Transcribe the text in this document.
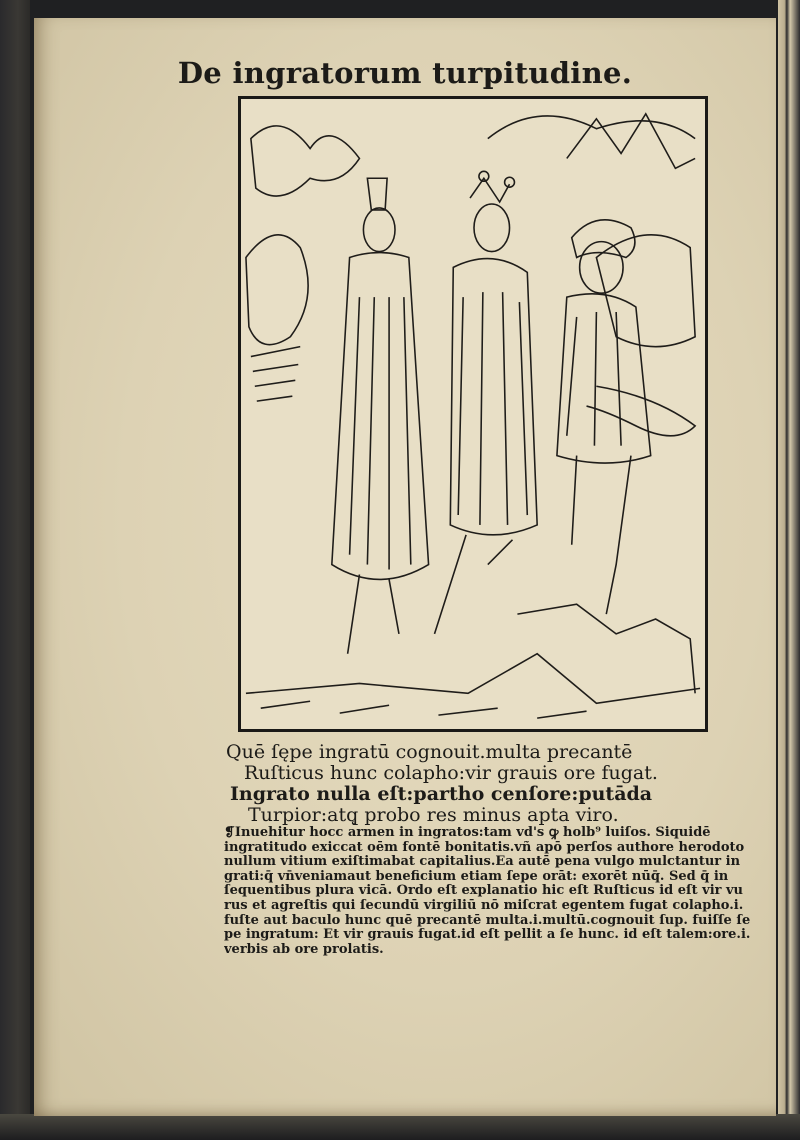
De ingratorum turpitudine.
Quē ſępe ingratū cognouit.multa precantē
Ruſticus hunc colapho:vir grauis ore fugat.
Ingrato nulla eſt:partho cenſore:putāda
Turpior:atq̨ probo res minus apta viro.
❡Inuehitur hocc armen in ingratos:tam vd's ꝙ holb⁹ luiſos. Siquidē
ingratitudo exiccat oēm fontē bonitatis.vñ apō perſos authore herodoto
nullum vitium exiſtimabat capitalius.Ea autē pena vulgo mulctantur in
grati:q̄ vn̄veniamaut beneficium etiam ſepe orāt: exorēt nūq̄. Sed q̄ in
ſequentibus plura vicā. Ordo eſt explanatio hic eſt Ruſticus id eſt vir vu
rus et agreſtis qui ſecundū virgiliū nō miſcrat egentem fugat colapho.i.
fuſte aut baculo hunc quē precantē multa.i.multū.cognouit ſup. fuiſſe ſe
pe ingratum: Et vir grauis fugat.id eſt pellit a ſe hunc. id eſt talem:ore.i.
verbis ab ore prolatis.
